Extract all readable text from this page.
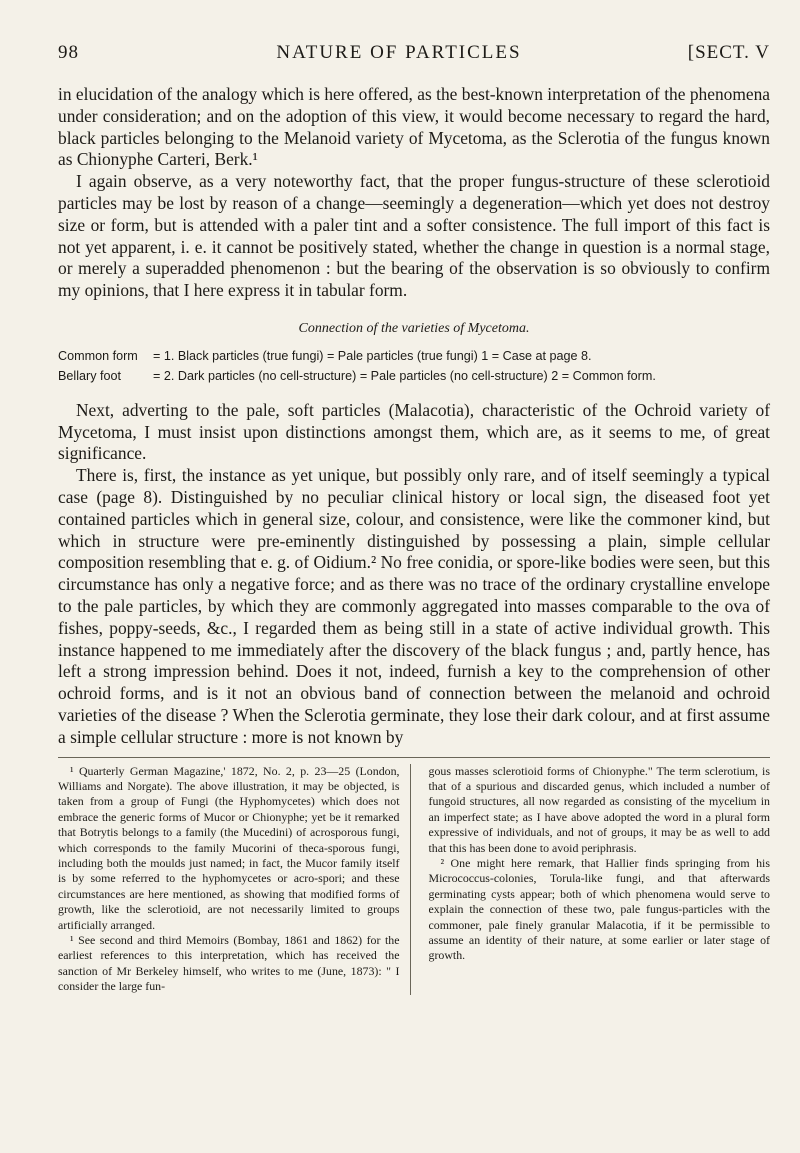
98	NATURE OF PARTICLES	[SECT. V

in elucidation of the analogy which is here offered, as the best-known interpretation of the phenomena under consideration; and on the adoption of this view, it would become necessary to regard the hard, black particles belonging to the Melanoid variety of Mycetoma, as the Sclerotia of the fungus known as Chionyphe Carteri, Berk.¹

I again observe, as a very noteworthy fact, that the proper fungus-structure of these sclerotioid particles may be lost by reason of a change—seemingly a degeneration—which yet does not destroy size or form, but is attended with a paler tint and a softer consistence. The full import of this fact is not yet apparent, i. e. it cannot be positively stated, whether the change in question is a normal stage, or merely a superadded phenomenon : but the bearing of the observation is so obviously to confirm my opinions, that I here express it in tabular form.

Connection of the varieties of Mycetoma.
Common form	= 1. Black particles (true fungi) = Pale particles (true fungi) 1 = Case at page 8.
Bellary foot	= 2. Dark particles (no cell-structure) = Pale particles (no cell-structure) 2 = Common form.

Next, adverting to the pale, soft particles (Malacotia), characteristic of the Ochroid variety of Mycetoma, I must insist upon distinctions amongst them, which are, as it seems to me, of great significance.

There is, first, the instance as yet unique, but possibly only rare, and of itself seemingly a typical case (page 8). Distinguished by no peculiar clinical history or local sign, the diseased foot yet contained particles which in general size, colour, and consistence, were like the commoner kind, but which in structure were pre-eminently distinguished by possessing a plain, simple cellular composition resembling that e. g. of Oidium.² No free conidia, or spore-like bodies were seen, but this circumstance has only a negative force; and as there was no trace of the ordinary crystalline envelope to the pale particles, by which they are commonly aggregated into masses comparable to the ova of fishes, poppy-seeds, &c., I regarded them as being still in a state of active individual growth. This instance happened to me immediately after the discovery of the black fungus ; and, partly hence, has left a strong impression behind. Does it not, indeed, furnish a key to the comprehension of other ochroid forms, and is it not an obvious band of connection between the melanoid and ochroid varieties of the disease ? When the Sclerotia germinate, they lose their dark colour, and at first assume a simple cellular structure : more is not known by

¹ Quarterly German Magazine,' 1872, No. 2, p. 23—25 (London, Williams and Norgate). The above illustration, it may be objected, is taken from a group of Fungi (the Hyphomycetes) which does not embrace the generic forms of Mucor or Chionyphe; yet be it remarked that Botrytis belongs to a family (the Mucedini) of acrosporous fungi, which corresponds to the family Mucorini of theca-sporous fungi, including both the moulds just named; in fact, the Mucor family itself is by some referred to the hyphomycetes or acro-spori; and these circumstances are here mentioned, as showing that modified forms of growth, like the sclerotioid, are not necessarily limited to groups artificially arranged.

¹ See second and third Memoirs (Bombay, 1861 and 1862) for the earliest references to this interpretation, which has received the sanction of Mr Berkeley himself, who writes to me (June, 1873): " I consider the large fun-

gous masses sclerotioid forms of Chionyphe." The term sclerotium, is that of a spurious and discarded genus, which included a number of fungoid structures, all now regarded as consisting of the mycelium in an imperfect state; as I have above adopted the word in a plural form expressive of individuals, and not of groups, it may be as well to add that this has been done to avoid periphrasis.

² One might here remark, that Hallier finds springing from his Micrococcus-colonies, Torula-like fungi, and that afterwards germinating cysts appear; both of which phenomena would serve to explain the connection of these two, pale fungus-particles with the commoner, pale finely granular Malacotia, if it be permissible to assume an identity of their nature, at some earlier or later stage of growth.
